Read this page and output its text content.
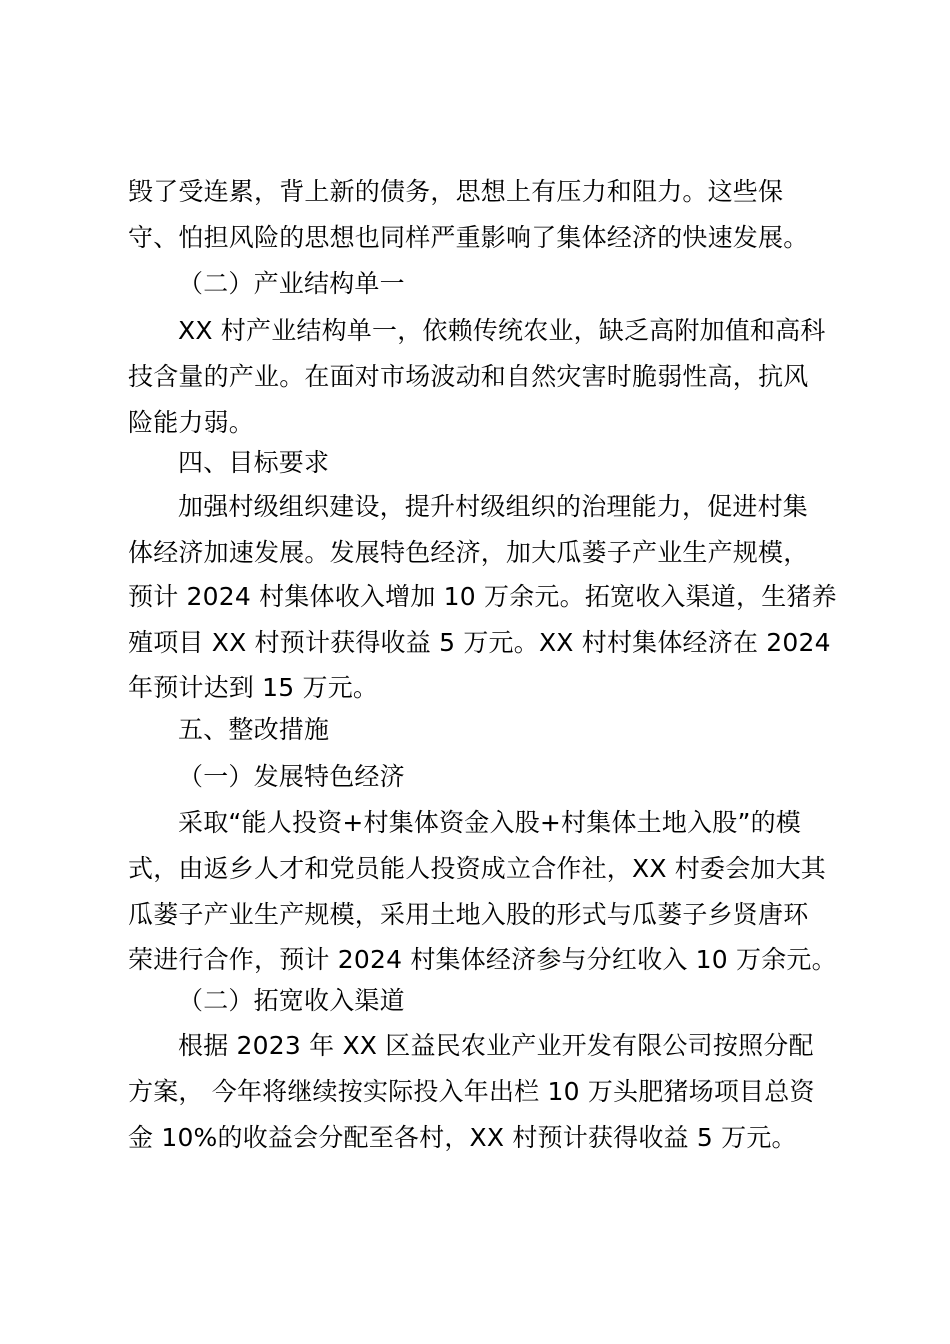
毁了受连累，背上新的债务，思想上有压力和阻力。这些保
守、怕担风险的思想也同样严重影响了集体经济的快速发展。
（二）产业结构单一
XX 村产业结构单一，依赖传统农业，缺乏高附加值和高科
技含量的产业。在面对市场波动和自然灾害时脆弱性高，抗风
险能力弱。
四、目标要求
加强村级组织建设，提升村级组织的治理能力，促进村集
体经济加速发展。发展特色经济，加大瓜蒌子产业生产规模，
预计 2024 村集体收入增加 10 万余元。拓宽收入渠道，生猪养
殖项目 XX 村预计获得收益 5 万元。XX 村村集体经济在 2024
年预计达到 15 万元。
五、整改措施
（一）发展特色经济
采取“能人投资+村集体资金入股+村集体土地入股”的模
式，由返乡人才和党员能人投资成立合作社，XX 村委会加大其
瓜蒌子产业生产规模，采用土地入股的形式与瓜蒌子乡贤唐环
荣进行合作，预计 2024 村集体经济参与分红收入 10 万余元。
（二）拓宽收入渠道
根据 2023 年 XX 区益民农业产业开发有限公司按照分配
方案， 今年将继续按实际投入年出栏 10 万头肥猪场项目总资
金 10%的收益会分配至各村，XX 村预计获得收益 5 万元。
